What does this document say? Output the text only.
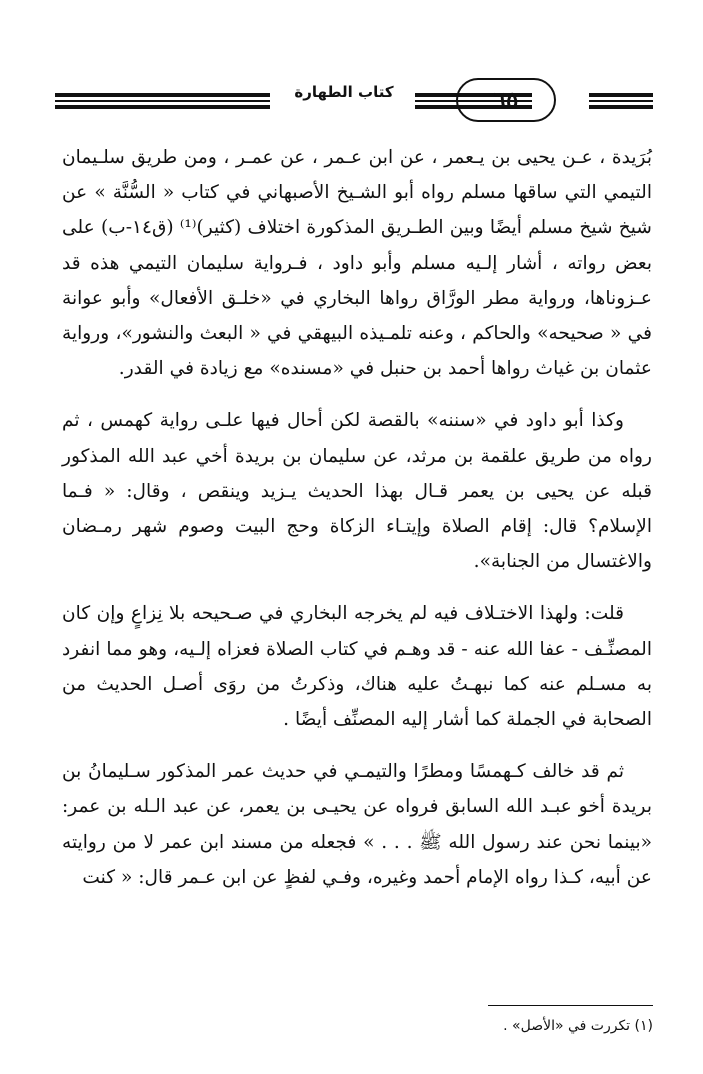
كتاب الطهارة	٦٥

بُرَيدة ، عـن يحيى بن يـعمر ، عن ابن عـمر ، عن عمـر ، ومن طريق سلـيمان التيمي التي ساقها مسلم رواه أبو الشـيخ الأصبهاني في كتاب « السُّنَّة » عن شيخ شيخ مسلم أيضًا وبين الطـريق المذكورة اختلاف (كثير)⁽¹⁾ (ق١٤-ب) على بعض رواته ، أشار إلـيه مسلم وأبو داود ، فـرواية سليمان التيمي هذه قد عـزوناها، ورواية مطر الورَّاق رواها البخاري في «خلـق الأفعال» وأبو عوانة في « صحيحه» والحاكم ، وعنه تلمـيذه البيهقي في « البعث والنشور»، ورواية عثمان بن غياث رواها أحمد بن حنبل في «مسنده» مع زيادة في القدر.

وكذا أبو داود في «سننه» بالقصة لكن أحال فيها علـى رواية كهمس ، ثم رواه من طريق علقمة بن مرثد، عن سليمان بن بريدة أخي عبد الله المذكور قبله عن يحيى بن يعمر قـال بهذا الحديث يـزيد وينقص ، وقال: « فـما الإسلام؟ قال: إقام الصلاة وإيتـاء الزكاة وحج البيت وصوم شهر رمـضان والاغتسال من الجنابة».

قلت: ولهذا الاختـلاف فيه لم يخرجه البخاري في صـحيحه بلا نِزاعٍ وإن كان المصنِّـف - عفا الله عنه - قد وهـم في كتاب الصلاة فعزاه إلـيه، وهو مما انفرد به مسـلم عنه كما نبهـتُ عليه هناك، وذكرتُ من روَى أصـل الحديث من الصحابة في الجملة كما أشار إليه المصنِّف أيضًا .

ثم قد خالف كـهمسًا ومطرًا والتيمـي في حديث عمر المذكور سـليمانُ بن بريدة أخو عبـد الله السابق فرواه عن يحيـى بن يعمر، عن عبد الـله بن عمر: «بينما نحن عند رسول الله ﷺ . . . » فجعله من مسند ابن عمر لا من روايته عن أبيه، كـذا رواه الإمام أحمد وغيره، وفـي لفظٍ عن ابن عـمر قال: « كنت

(١) تكررت في «الأصل» .
